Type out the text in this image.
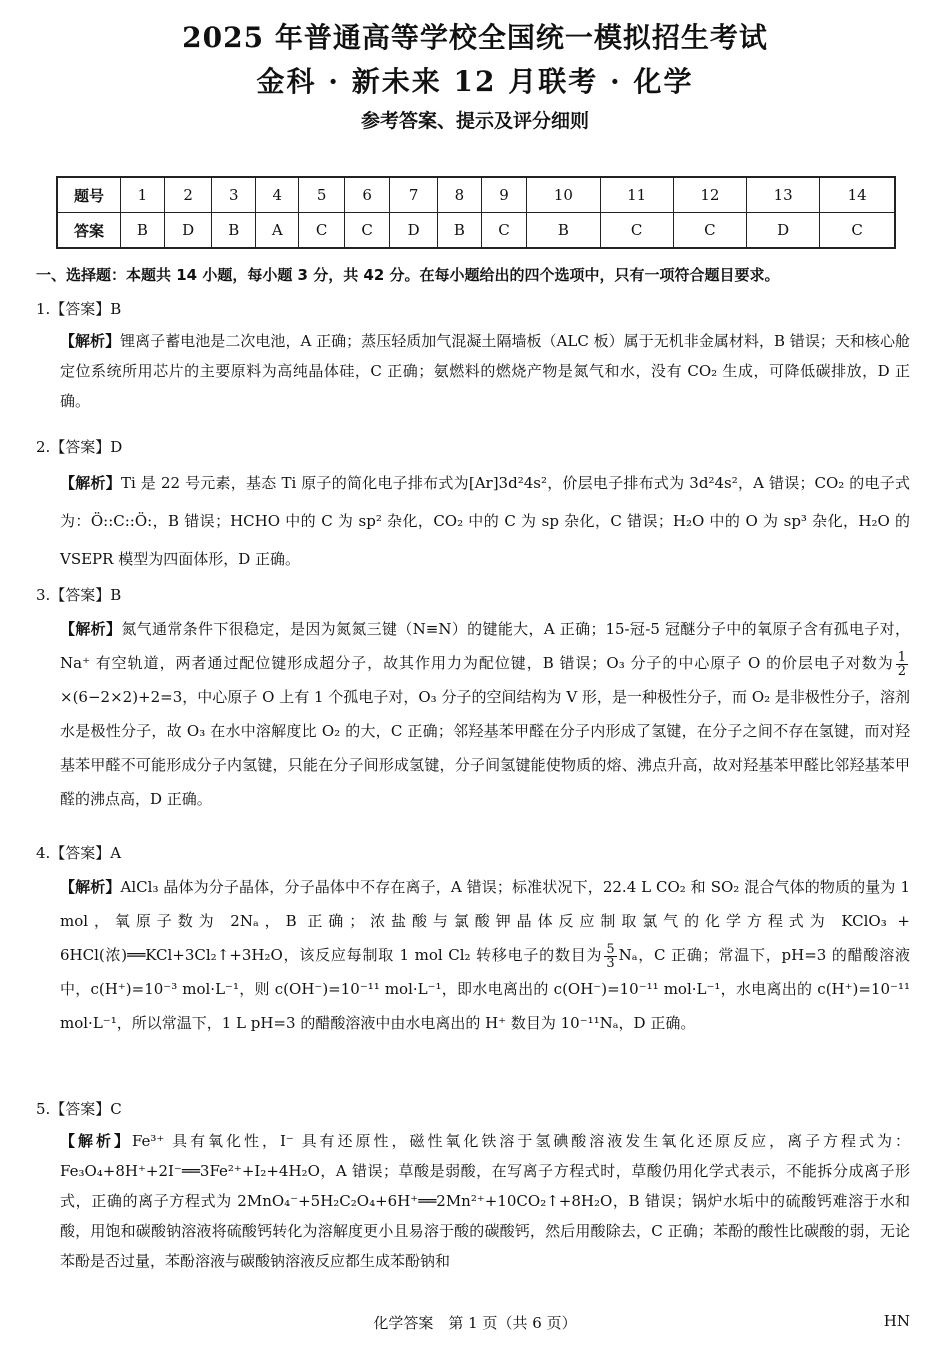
2025 年普通高等学校全国统一模拟招生考试
金科 · 新未来 12 月联考 · 化学
参考答案、提示及评分细则
题号	1	2	3	4	5	6	7	8	9	10	11	12	13	14
答案	B	D	B	A	C	C	D	B	C	B	C	C	D	C
一、选择题：本题共 14 小题，每小题 3 分，共 42 分。在每小题给出的四个选项中，只有一项符合题目要求。
1.【答案】B
【解析】锂离子蓄电池是二次电池，A 正确；蒸压轻质加气混凝土隔墙板（ALC 板）属于无机非金属材料，B 错误；天和核心舱定位系统所用芯片的主要原料为高纯晶体硅，C 正确；氨燃料的燃烧产物是氮气和水，没有 CO₂ 生成，可降低碳排放，D 正确。
2.【答案】D
【解析】Ti 是 22 号元素，基态 Ti 原子的简化电子排布式为[Ar]3d²4s²，价层电子排布式为 3d²4s²，A 错误；CO₂ 的电子式为：Ö::C::Ö:，B 错误；HCHO 中的 C 为 sp² 杂化，CO₂ 中的 C 为 sp 杂化，C 错误；H₂O 中的 O 为 sp³ 杂化，H₂O 的 VSEPR 模型为四面体形，D 正确。
3.【答案】B
【解析】氮气通常条件下很稳定，是因为氮氮三键（N≡N）的键能大，A 正确；15-冠-5 冠醚分子中的氧原子含有孤电子对，Na⁺ 有空轨道，两者通过配位键形成超分子，故其作用力为配位键，B 错误；O₃ 分子的中心原子 O 的价层电子对数为 $\frac{1}{2}$
×(6−2×2)+2=3，中心原子 O 上有 1 个孤电子对，O₃ 分子的空间结构为 V 形，是一种极性分子，而 O₂ 是非极性分子，溶剂水是极性分子，故 O₃ 在水中溶解度比 O₂ 的大，C 正确；邻羟基苯甲醛在分子内形成了氢键，在分子之间不存在氢键，而对羟基苯甲醛不可能形成分子内氢键，只能在分子间形成氢键，分子间氢键能使物质的熔、沸点升高，故对羟基苯甲醛比邻羟基苯甲醛的沸点高，D 正确。
4.【答案】A
【解析】AlCl₃ 晶体为分子晶体，分子晶体中不存在离子，A 错误；标准状况下，22.4 L CO₂ 和 SO₂ 混合气体的物质的量为 1 mol，氧原子数为 2Nₐ，B 正确；浓盐酸与氯酸钾晶体反应制取氯气的化学方程式为 KClO₃ + 6HCl(浓)══KCl+3Cl₂↑+3H₂O，该反应每制取 1 mol Cl₂ 转移电子的数目为 $\frac{5}{3}$ Nₐ，C 正确；常温下，pH=3 的醋酸溶液中，c(H⁺)=10⁻³ mol·L⁻¹，则 c(OH⁻)=10⁻¹¹ mol·L⁻¹，即水电离出的 c(OH⁻)=10⁻¹¹ mol·L⁻¹，水电离出的 c(H⁺)=10⁻¹¹ mol·L⁻¹，所以常温下，1 L pH=3 的醋酸溶液中由水电离出的 H⁺ 数目为 10⁻¹¹Nₐ，D 正确。
5.【答案】C
【解析】Fe³⁺ 具有氧化性，I⁻ 具有还原性，磁性氧化铁溶于氢碘酸溶液发生氧化还原反应，离子方程式为：Fe₃O₄+8H⁺+2I⁻══3Fe²⁺+I₂+4H₂O，A 错误；草酸是弱酸，在写离子方程式时，草酸仍用化学式表示，不能拆分成离子形式，正确的离子方程式为 2MnO₄⁻+5H₂C₂O₄+6H⁺══2Mn²⁺+10CO₂↑+8H₂O，B 错误；锅炉水垢中的硫酸钙难溶于水和酸，用饱和碳酸钠溶液将硫酸钙转化为溶解度更小且易溶于酸的碳酸钙，然后用酸除去，C 正确；苯酚的酸性比碳酸的弱，无论苯酚是否过量，苯酚溶液与碳酸钠溶液反应都生成苯酚钠和
化学答案　第 1 页（共 6 页）	HN
